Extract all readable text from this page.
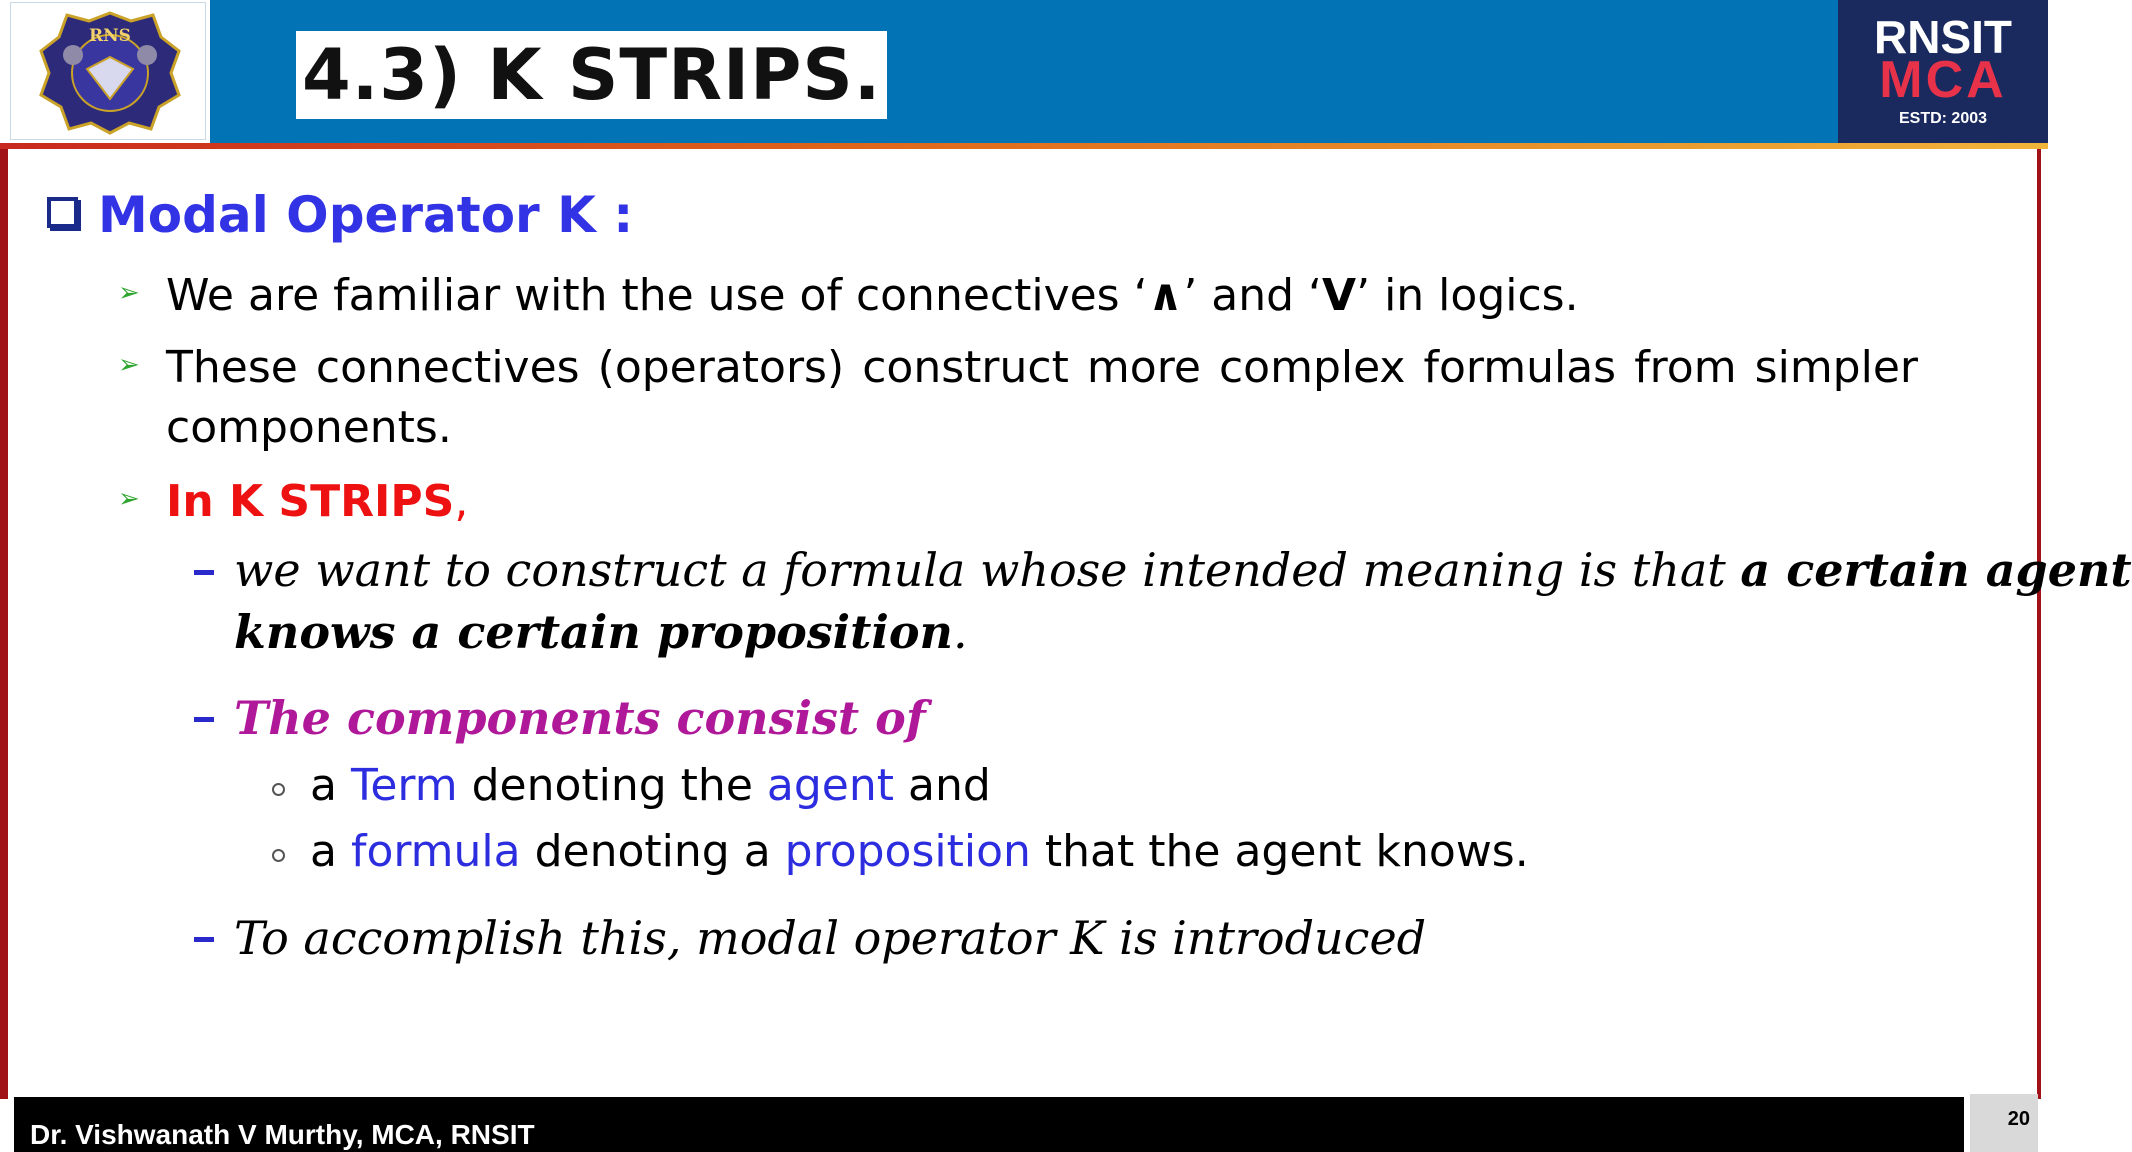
RNS 4.3) K STRIPS.	RNSIT
MCA
ESTD: 2003
Modal Operator K :
➢ We are familiar with the use of connectives ‘∧’ and ‘V’ in logics.
➢ These connectives (operators) construct more complex formulas from simpler
components.
➢ In K STRIPS,
we want to construct a formula whose intended meaning is that a certain agent
knows a certain proposition.
The components consist of
a Term denoting the agent and
a formula denoting a proposition that the agent knows.
To accomplish this, modal operator K is introduced
Dr. Vishwanath V Murthy, MCA, RNSIT	20
